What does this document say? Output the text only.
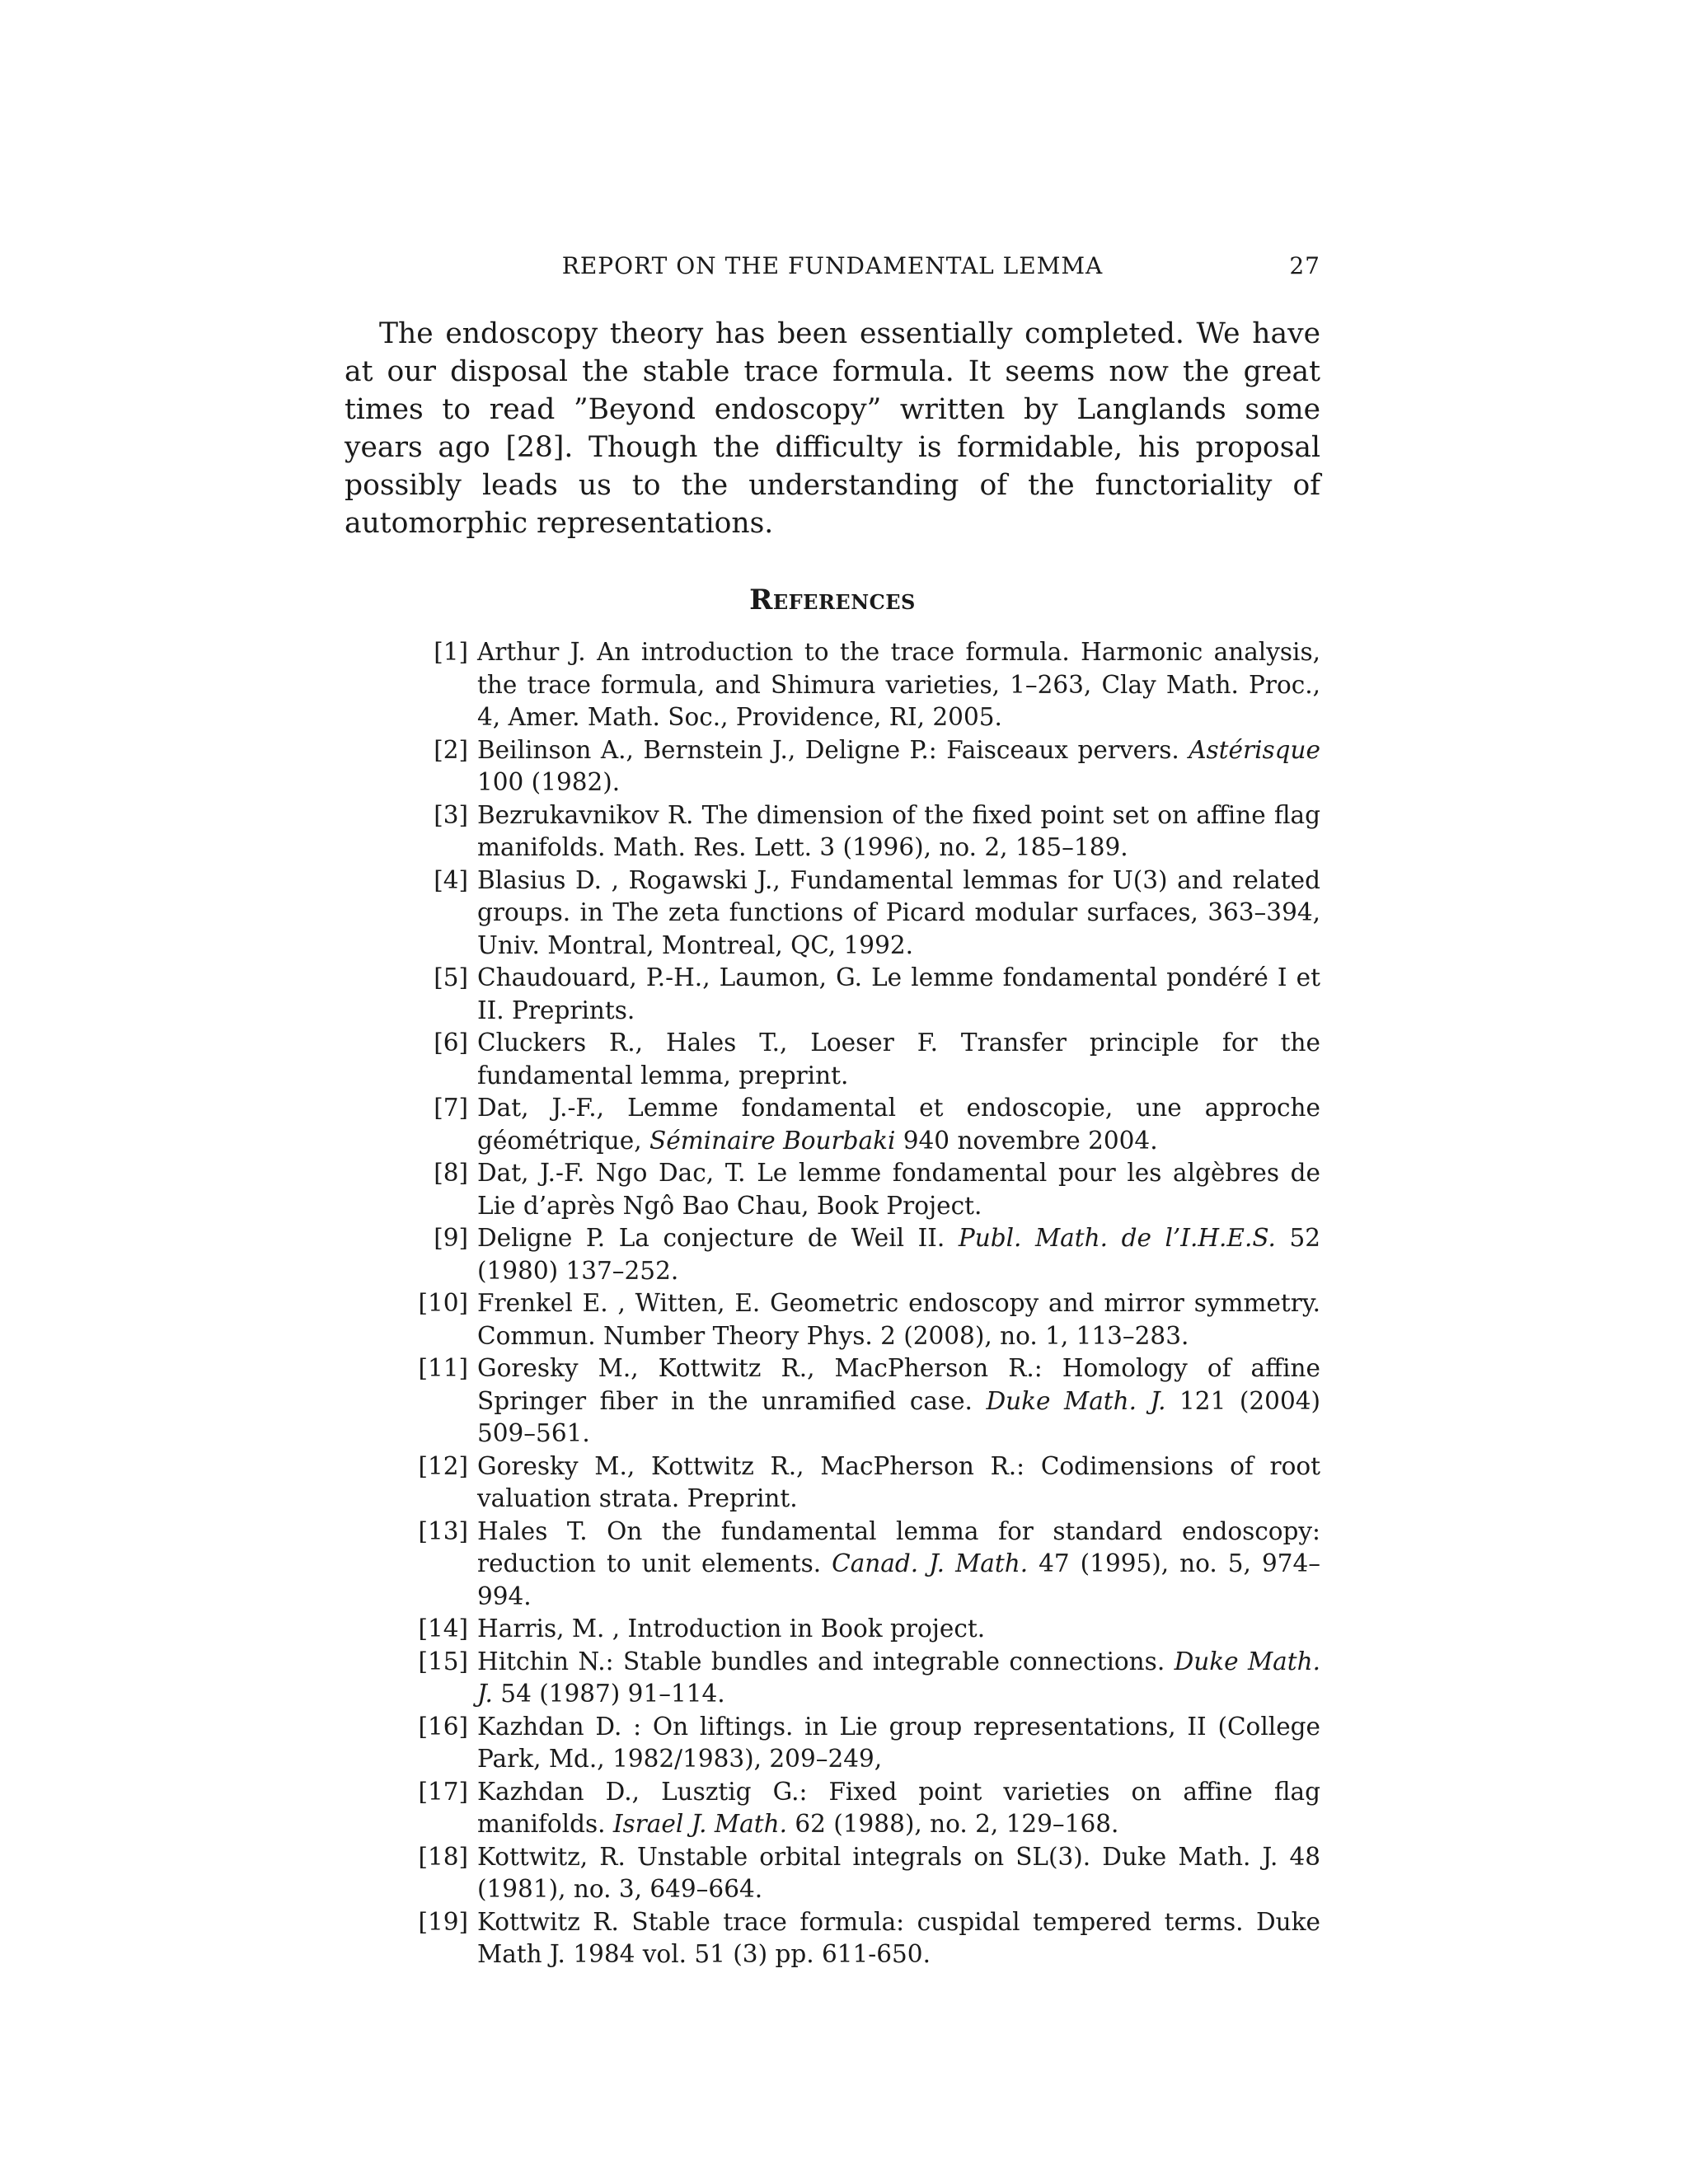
REPORT ON THE FUNDAMENTAL LEMMA	27

The endoscopy theory has been essentially completed. We have at our disposal the stable trace formula. It seems now the great times to read ”Beyond endoscopy” written by Langlands some years ago [28]. Though the difficulty is formidable, his proposal possibly leads us to the understanding of the functoriality of automorphic representations.

References
[1] Arthur J. An introduction to the trace formula. Harmonic analysis, the trace formula, and Shimura varieties, 1–263, Clay Math. Proc., 4, Amer. Math. Soc., Providence, RI, 2005.
[2] Beilinson A., Bernstein J., Deligne P.: Faisceaux pervers. Astérisque 100 (1982).
[3] Bezrukavnikov R. The dimension of the fixed point set on affine flag manifolds. Math. Res. Lett. 3 (1996), no. 2, 185–189.
[4] Blasius D. , Rogawski J., Fundamental lemmas for U(3) and related groups. in The zeta functions of Picard modular surfaces, 363–394, Univ. Montral, Montreal, QC, 1992.
[5] Chaudouard, P.-H., Laumon, G. Le lemme fondamental pondéré I et II. Preprints.
[6] Cluckers R., Hales T., Loeser F. Transfer principle for the fundamental lemma, preprint.
[7] Dat, J.-F., Lemme fondamental et endoscopie, une approche géométrique, Séminaire Bourbaki 940 novembre 2004.
[8] Dat, J.-F. Ngo Dac, T. Le lemme fondamental pour les algèbres de Lie d’après Ngô Bao Chau, Book Project.
[9] Deligne P. La conjecture de Weil II. Publ. Math. de l’I.H.E.S. 52 (1980) 137–252.
[10] Frenkel E. , Witten, E. Geometric endoscopy and mirror symmetry. Commun. Number Theory Phys. 2 (2008), no. 1, 113–283.
[11] Goresky M., Kottwitz R., MacPherson R.: Homology of affine Springer fiber in the unramified case. Duke Math. J. 121 (2004) 509–561.
[12] Goresky M., Kottwitz R., MacPherson R.: Codimensions of root valuation strata. Preprint.
[13] Hales T. On the fundamental lemma for standard endoscopy: reduction to unit elements. Canad. J. Math. 47 (1995), no. 5, 974–994.
[14] Harris, M. , Introduction in Book project.
[15] Hitchin N.: Stable bundles and integrable connections. Duke Math. J. 54 (1987) 91–114.
[16] Kazhdan D. : On liftings. in Lie group representations, II (College Park, Md., 1982/1983), 209–249,
[17] Kazhdan D., Lusztig G.: Fixed point varieties on affine flag manifolds. Israel J. Math. 62 (1988), no. 2, 129–168.
[18] Kottwitz, R. Unstable orbital integrals on SL(3). Duke Math. J. 48 (1981), no. 3, 649–664.
[19] Kottwitz R. Stable trace formula: cuspidal tempered terms. Duke Math J. 1984 vol. 51 (3) pp. 611-650.
